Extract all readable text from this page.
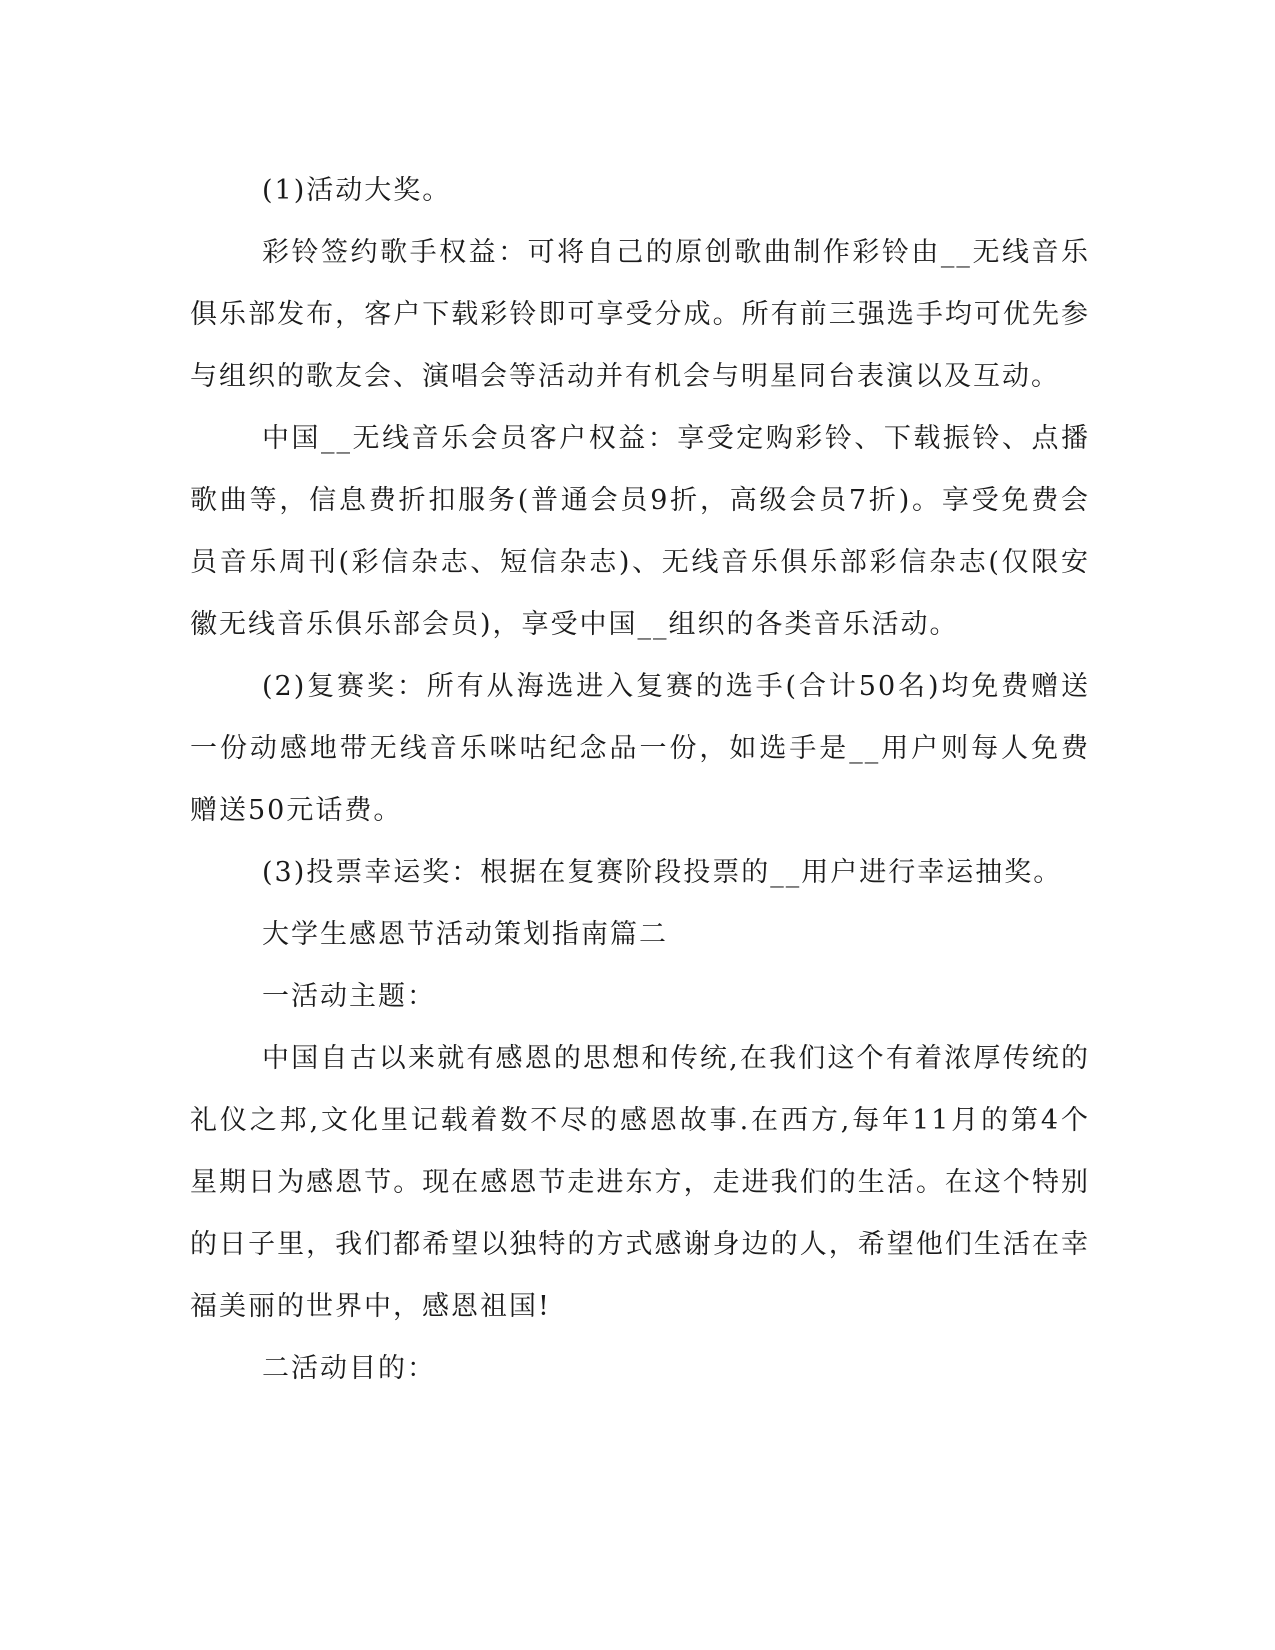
(1)活动大奖。

彩铃签约歌手权益：可将自己的原创歌曲制作彩铃由__无线音乐俱乐部发布，客户下载彩铃即可享受分成。所有前三强选手均可优先参与组织的歌友会、演唱会等活动并有机会与明星同台表演以及互动。

中国__无线音乐会员客户权益：享受定购彩铃、下载振铃、点播歌曲等，信息费折扣服务(普通会员9折，高级会员7折)。享受免费会员音乐周刊(彩信杂志、短信杂志)、无线音乐俱乐部彩信杂志(仅限安徽无线音乐俱乐部会员)，享受中国__组织的各类音乐活动。

(2)复赛奖：所有从海选进入复赛的选手(合计50名)均免费赠送一份动感地带无线音乐咪咕纪念品一份，如选手是__用户则每人免费赠送50元话费。

(3)投票幸运奖：根据在复赛阶段投票的__用户进行幸运抽奖。

大学生感恩节活动策划指南篇二

一活动主题：

中国自古以来就有感恩的思想和传统,在我们这个有着浓厚传统的礼仪之邦,文化里记载着数不尽的感恩故事.在西方,每年11月的第4个星期日为感恩节。现在感恩节走进东方，走进我们的生活。在这个特别的日子里，我们都希望以独特的方式感谢身边的人，希望他们生活在幸福美丽的世界中，感恩祖国!

二活动目的：
